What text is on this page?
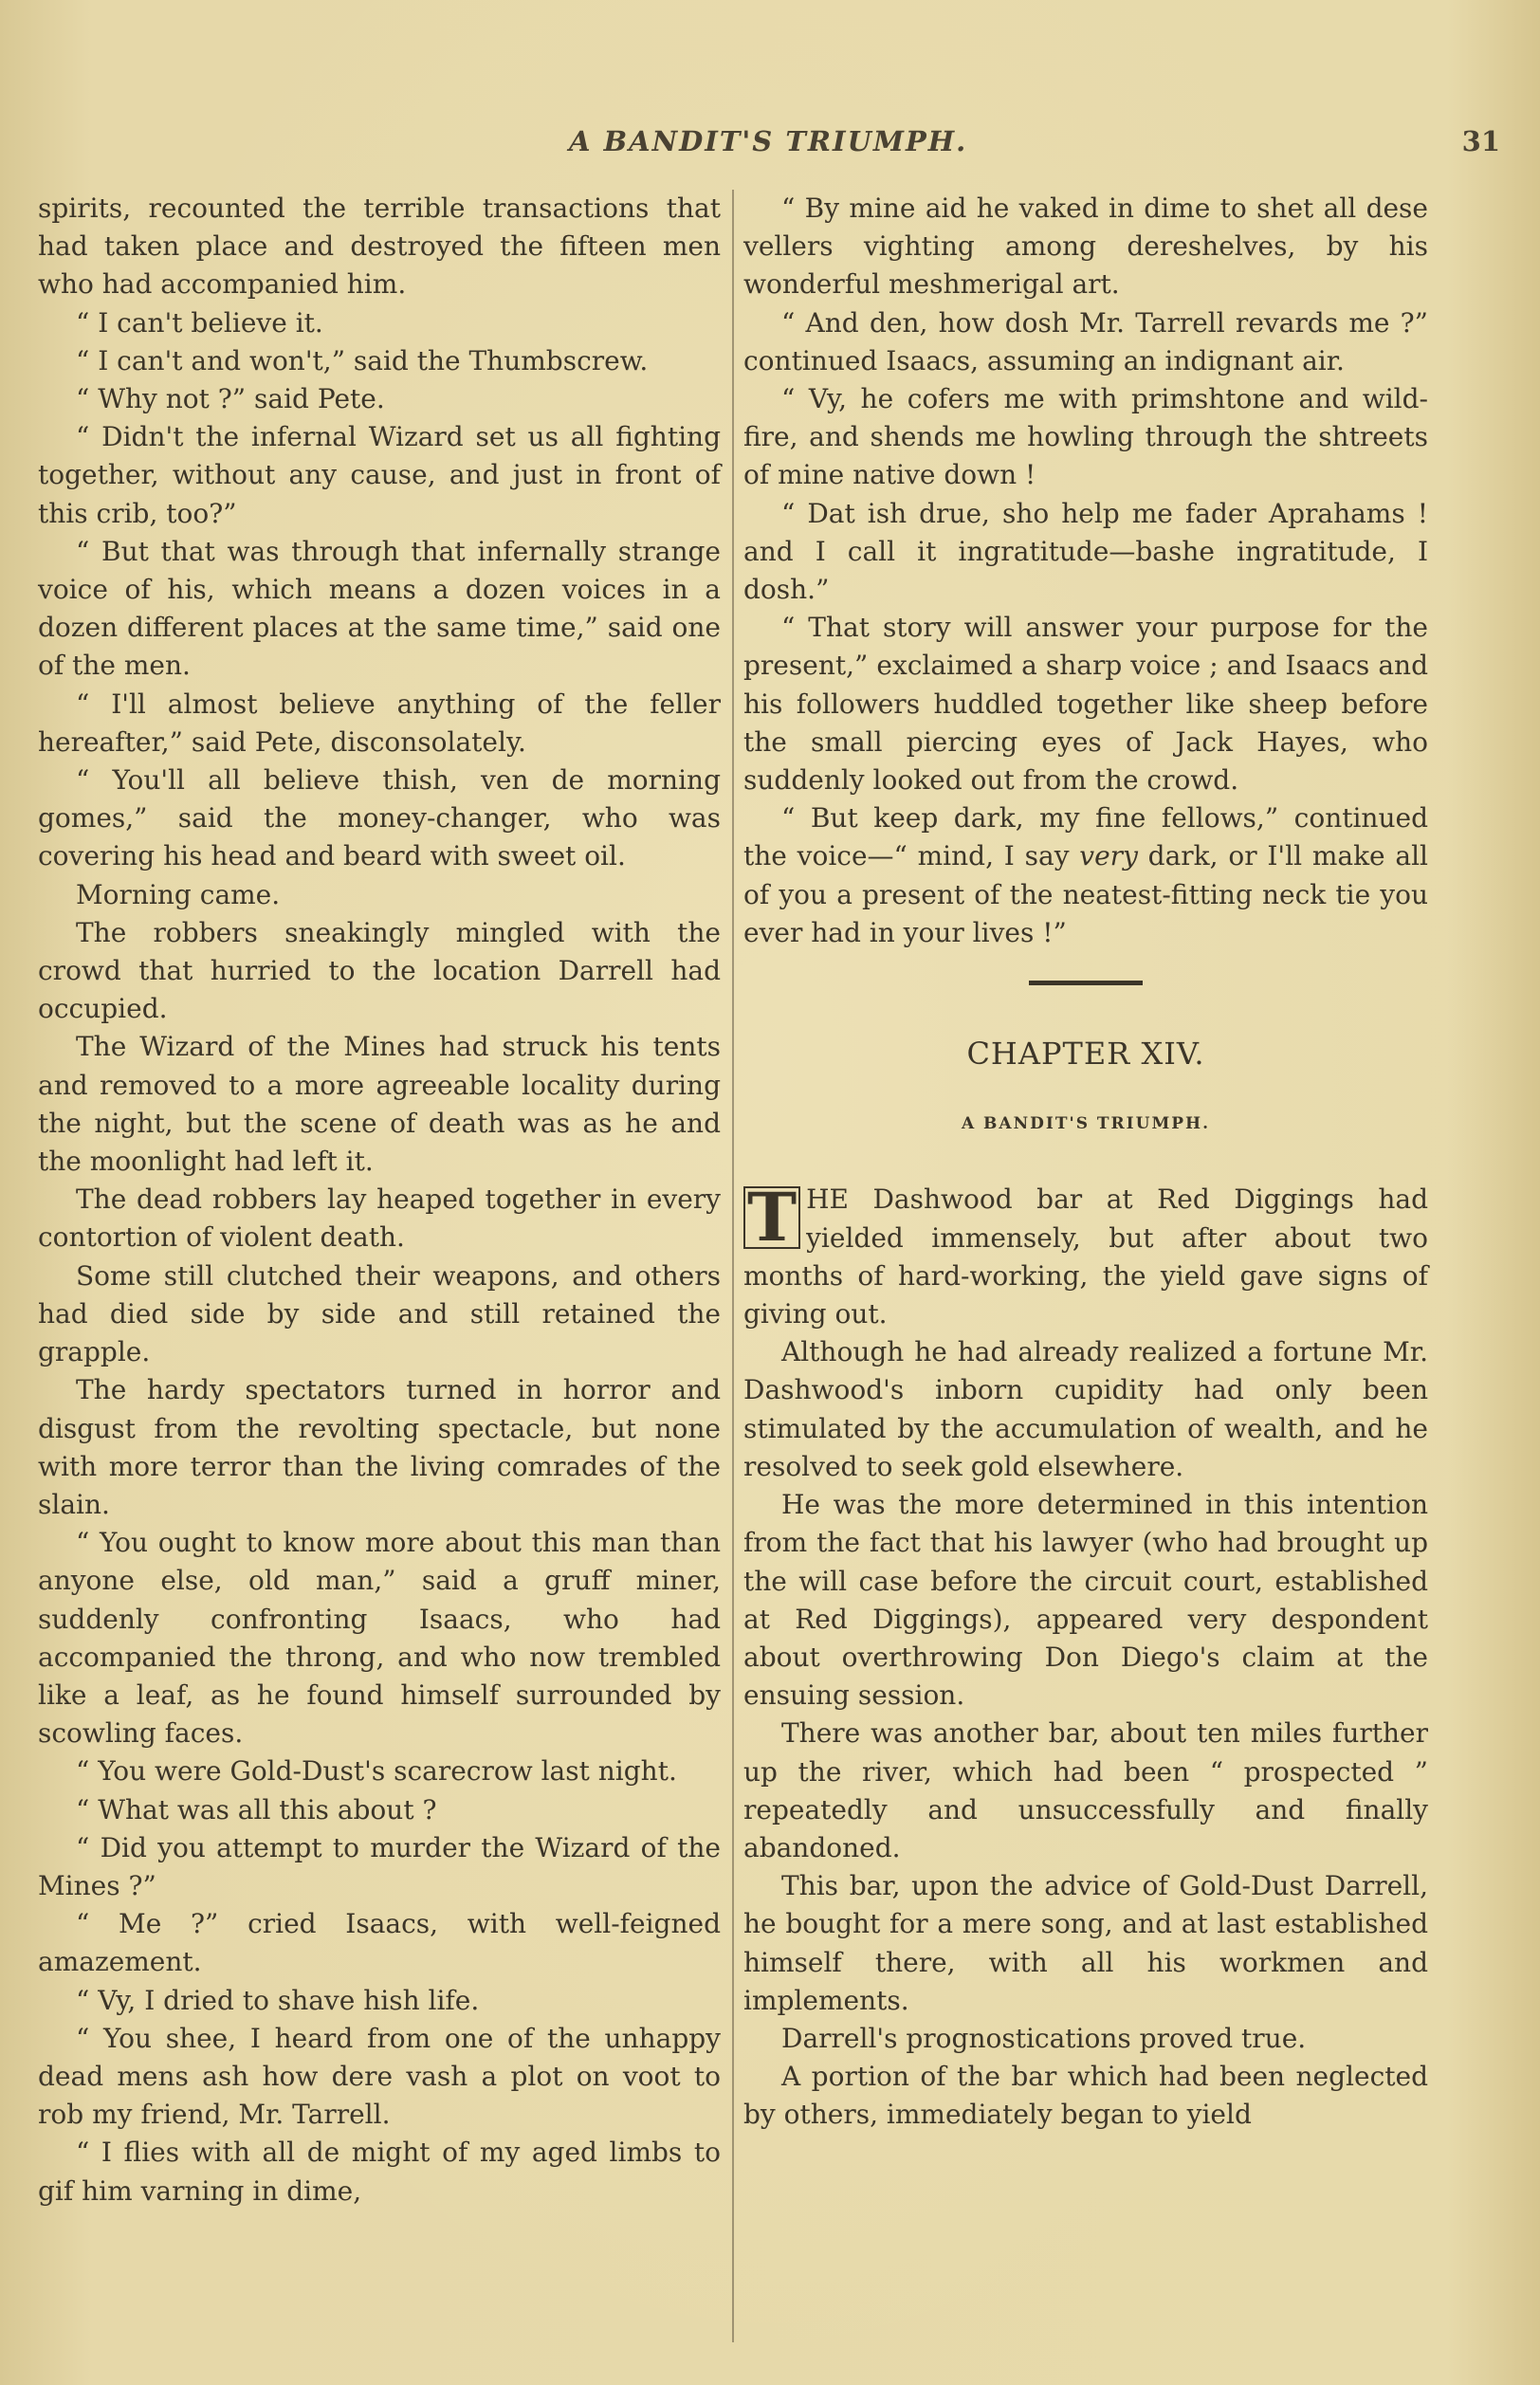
A BANDIT'S TRIUMPH.	31

spirits, recounted the terrible transactions that had taken place and destroyed the fifteen men who had accompanied him.

“ I can't believe it.

“ I can't and won't,” said the Thumbscrew.

“ Why not ?” said Pete.

“ Didn't the infernal Wizard set us all fighting together, without any cause, and just in front of this crib, too?”

“ But that was through that infernally strange voice of his, which means a dozen voices in a dozen different places at the same time,” said one of the men.

“ I'll almost believe anything of the feller hereafter,” said Pete, disconsolately.

“ You'll all believe thish, ven de morning gomes,” said the money-changer, who was covering his head and beard with sweet oil.

Morning came.

The robbers sneakingly mingled with the crowd that hurried to the location Darrell had occupied.

The Wizard of the Mines had struck his tents and removed to a more agreeable locality during the night, but the scene of death was as he and the moonlight had left it.

The dead robbers lay heaped together in every contortion of violent death.

Some still clutched their weapons, and others had died side by side and still retained the grapple.

The hardy spectators turned in horror and disgust from the revolting spectacle, but none with more terror than the living comrades of the slain.

“ You ought to know more about this man than anyone else, old man,” said a gruff miner, suddenly confronting Isaacs, who had accompanied the throng, and who now trembled like a leaf, as he found himself surrounded by scowling faces.

“ You were Gold-Dust's scarecrow last night.

“ What was all this about ?

“ Did you attempt to murder the Wizard of the Mines ?”

“ Me ?” cried Isaacs, with well-feigned amazement.

“ Vy, I dried to shave hish life.

“ You shee, I heard from one of the unhappy dead mens ash how dere vash a plot on voot to rob my friend, Mr. Tarrell.

“ I flies with all de might of my aged limbs to gif him varning in dime,

“ By mine aid he vaked in dime to shet all dese vellers vighting among dereshelves, by his wonderful meshmerigal art.

“ And den, how dosh Mr. Tarrell revards me ?” continued Isaacs, assuming an indignant air.

“ Vy, he cofers me with primshtone and wild-fire, and shends me howling through the shtreets of mine native down !

“ Dat ish drue, sho help me fader Aprahams ! and I call it ingratitude—bashe ingratitude, I dosh.”

“ That story will answer your purpose for the present,” exclaimed a sharp voice ; and Isaacs and his followers huddled together like sheep before the small piercing eyes of Jack Hayes, who suddenly looked out from the crowd.

“ But keep dark, my fine fellows,” continued the voice—“ mind, I say very dark, or I'll make all of you a present of the neatest-fitting neck tie you ever had in your lives !”

CHAPTER XIV.
A BANDIT'S TRIUMPH.

T HE Dashwood bar at Red Diggings had yielded immensely, but after about two months of hard-working, the yield gave signs of giving out.

Although he had already realized a fortune Mr. Dashwood's inborn cupidity had only been stimulated by the accumulation of wealth, and he resolved to seek gold elsewhere.

He was the more determined in this intention from the fact that his lawyer (who had brought up the will case before the circuit court, established at Red Diggings), appeared very despondent about overthrowing Don Diego's claim at the ensuing session.

There was another bar, about ten miles further up the river, which had been “ prospected ” repeatedly and unsuccessfully and finally abandoned.

This bar, upon the advice of Gold-Dust Darrell, he bought for a mere song, and at last established himself there, with all his workmen and implements.

Darrell's prognostications proved true.

A portion of the bar which had been neglected by others, immediately began to yield
